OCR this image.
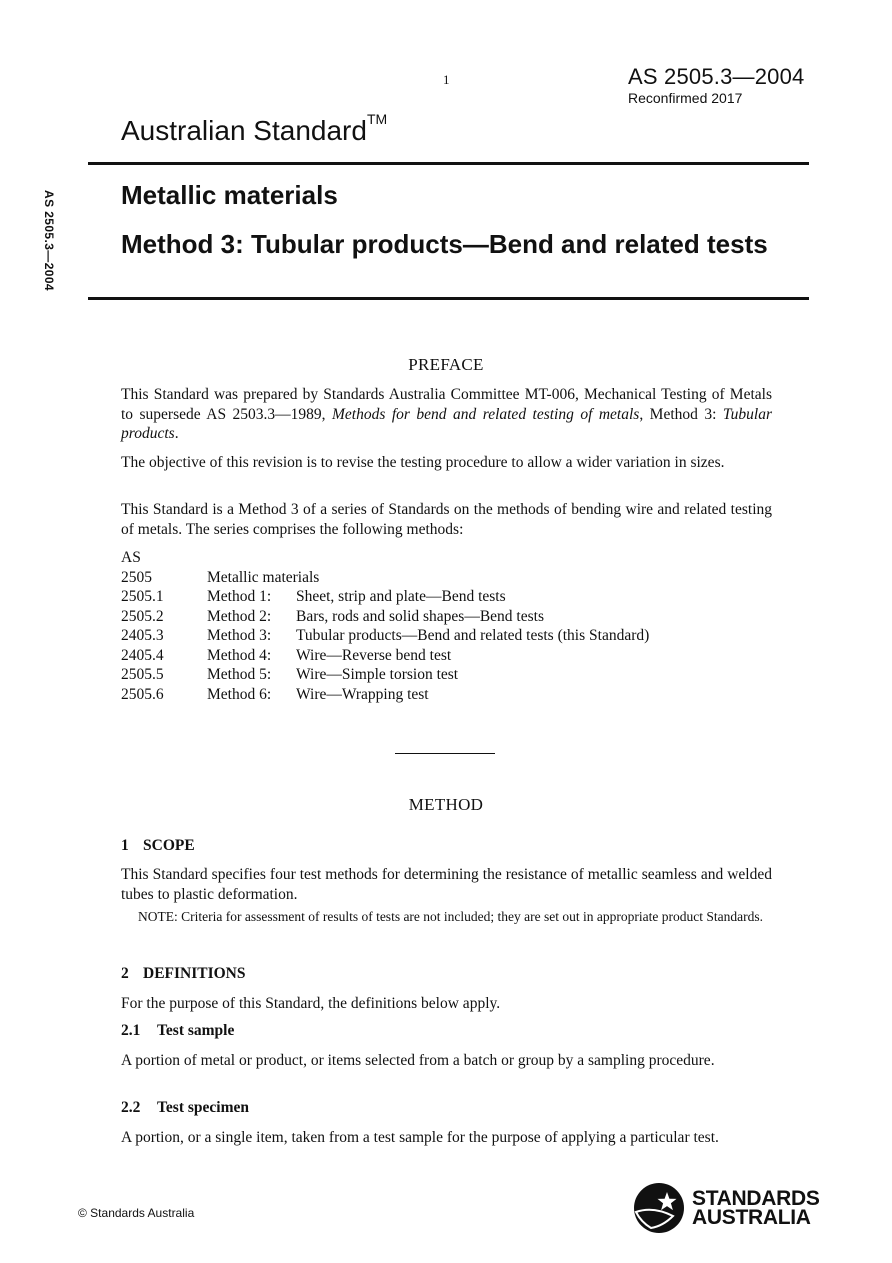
1	AS 2505.3—2004
Reconfirmed 2017
Australian Standard™
AS 2505.3—2004	Metallic materials
Method 3: Tubular products—Bend and related tests
PREFACE
This Standard was prepared by Standards Australia Committee MT-006, Mechanical Testing of Metals to supersede AS 2503.3—1989, Methods for bend and related testing of metals, Method 3: Tubular products.
The objective of this revision is to revise the testing procedure to allow a wider variation in sizes.
This Standard is a Method 3 of a series of Standards on the methods of bending wire and related testing of metals. The series comprises the following methods:
AS
2505	Metallic materials
2505.1	Method 1:	Sheet, strip and plate—Bend tests
2505.2	Method 2:	Bars, rods and solid shapes—Bend tests
2405.3	Method 3:	Tubular products—Bend and related tests (this Standard)
2405.4	Method 4:	Wire—Reverse bend test
2505.5	Method 5:	Wire—Simple torsion test
2505.6	Method 6:	Wire—Wrapping test
METHOD
1 SCOPE
This Standard specifies four test methods for determining the resistance of metallic seamless and welded tubes to plastic deformation.
NOTE: Criteria for assessment of results of tests are not included; they are set out in appropriate product Standards.
2 DEFINITIONS
For the purpose of this Standard, the definitions below apply.
2.1 Test sample
A portion of metal or product, or items selected from a batch or group by a sampling procedure.
2.2 Test specimen
A portion, or a single item, taken from a test sample for the purpose of applying a particular test.
© Standards Australia
STANDARDS
AUSTRALIA
